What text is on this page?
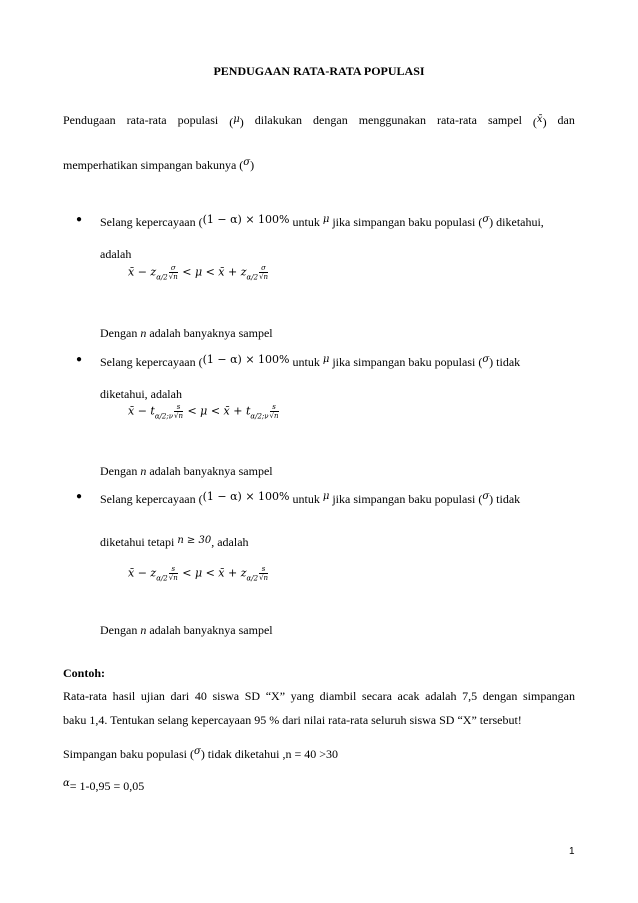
PENDUGAAN RATA-RATA POPULASI
Pendugaan rata-rata populasi ($^\mu$) dilakukan dengan menggunakan rata-rata sampel ($^{x̄}$) dan
memperhatikan simpangan bakunya ($^\sigma$)
● Selang kepercayaan ((1 − α) × 100% untuk $^\mu$ jika simpangan baku populasi ($^\sigma$) diketahui,
adalah
x̄ − $z_{\alpha/2} \frac{\sigma}{√n} < \mu$ < x̄ + $z_{\alpha/2} \frac{\sigma}{√n}$
Dengan n adalah banyaknya sampel
● Selang kepercayaan ((1 − α) × 100% untuk $^\mu$ jika simpangan baku populasi ($^\sigma$) tidak
diketahui, adalah
x̄ − $t_{\alpha/2;\nu} \frac{s}{√n} < \mu$ < x̄ + $t_{\alpha/2;\nu} \frac{s}{√n}$
Dengan n adalah banyaknya sampel
● Selang kepercayaan ((1 − α) × 100% untuk $^\mu$ jika simpangan baku populasi ($^\sigma$) tidak
diketahui tetapi $^{n \ge 30}$, adalah
x̄ − $z_{\alpha/2} \frac{s}{√n} < \mu$ < x̄ + $z_{\alpha/2} \frac{s}{√n}$
Dengan n adalah banyaknya sampel
Contoh:
Rata-rata hasil ujian dari 40 siswa SD “X” yang diambil secara acak adalah 7,5 dengan simpangan
baku 1,4. Tentukan selang kepercayaan 95 % dari nilai rata-rata seluruh siswa SD “X” tersebut!
Simpangan baku populasi ($^\sigma$) tidak diketahui ,n = 40 >30
$^\alpha$= 1-0,95 = 0,05
1
